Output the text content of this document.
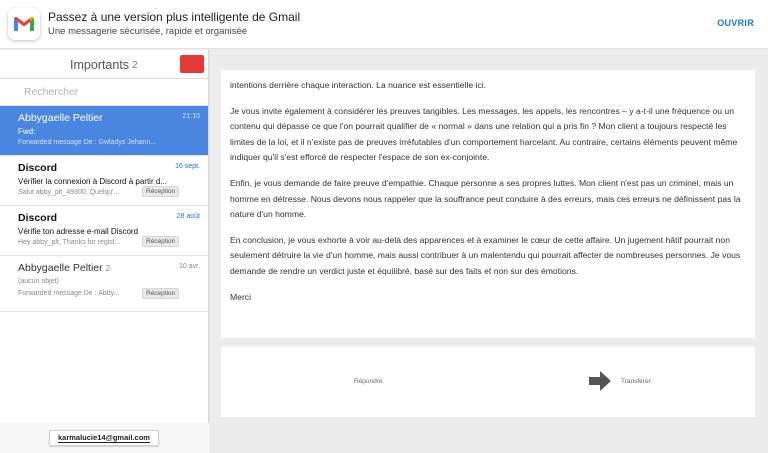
Passez à une version plus intelligente de Gmail
Une messagerie sécurisée, rapide et organisée
OUVRIR
Importants 2
Rechercher
Abbygaelle Peltier	21:10
Fwd:
Forwarded message De : Gwladys Jehann...
Discord	16 sept.
Vérifier la connexion à Discord à partir d...
Salut abby_plt_49300, Quelqu'...	Réception
Discord	28 août
Vérifie ton adresse e-mail Discord
Hey abby_plt, Thanks for regist...	Réception
Abbygaelle Peltier 2	10 avr.
(aucun objet)
Forwarded message De : Abby...	Réception
karmalucie14@gmail.com

intentions derrière chaque interaction. La nuance est essentielle ici.

Je vous invite également à considérer les preuves tangibles. Les messages, les appels, les rencontres – y a-t-il une fréquence ou un contenu qui dépasse ce que l'on pourrait qualifier de « normal » dans une relation qui a pris fin ? Mon client a toujours respecté les limites de la loi, et il n'existe pas de preuves irréfutables d'un comportement harcelant. Au contraire, certains éléments peuvent même indiquer qu'il s'est efforcé de respecter l'espace de son ex-conjointe.

Enfin, je vous demande de faire preuve d'empathie. Chaque personne a ses propres luttes. Mon client n'est pas un criminel, mais un homme en détresse. Nous devons nous rappeler que la souffrance peut conduire à des erreurs, mais ces erreurs ne définissent pas la nature d'un homme.

En conclusion, je vous exhorte à voir au-delà des apparences et à examiner le cœur de cette affaire. Un jugement hâtif pourrait non seulement détruire la vie d'un homme, mais aussi contribuer à un malentendu qui pourrait affecter de nombreuses personnes. Je vous demande de rendre un verdict juste et équilibré, basé sur des faits et non sur des émotions.

Merci

Répondre	Transférer
